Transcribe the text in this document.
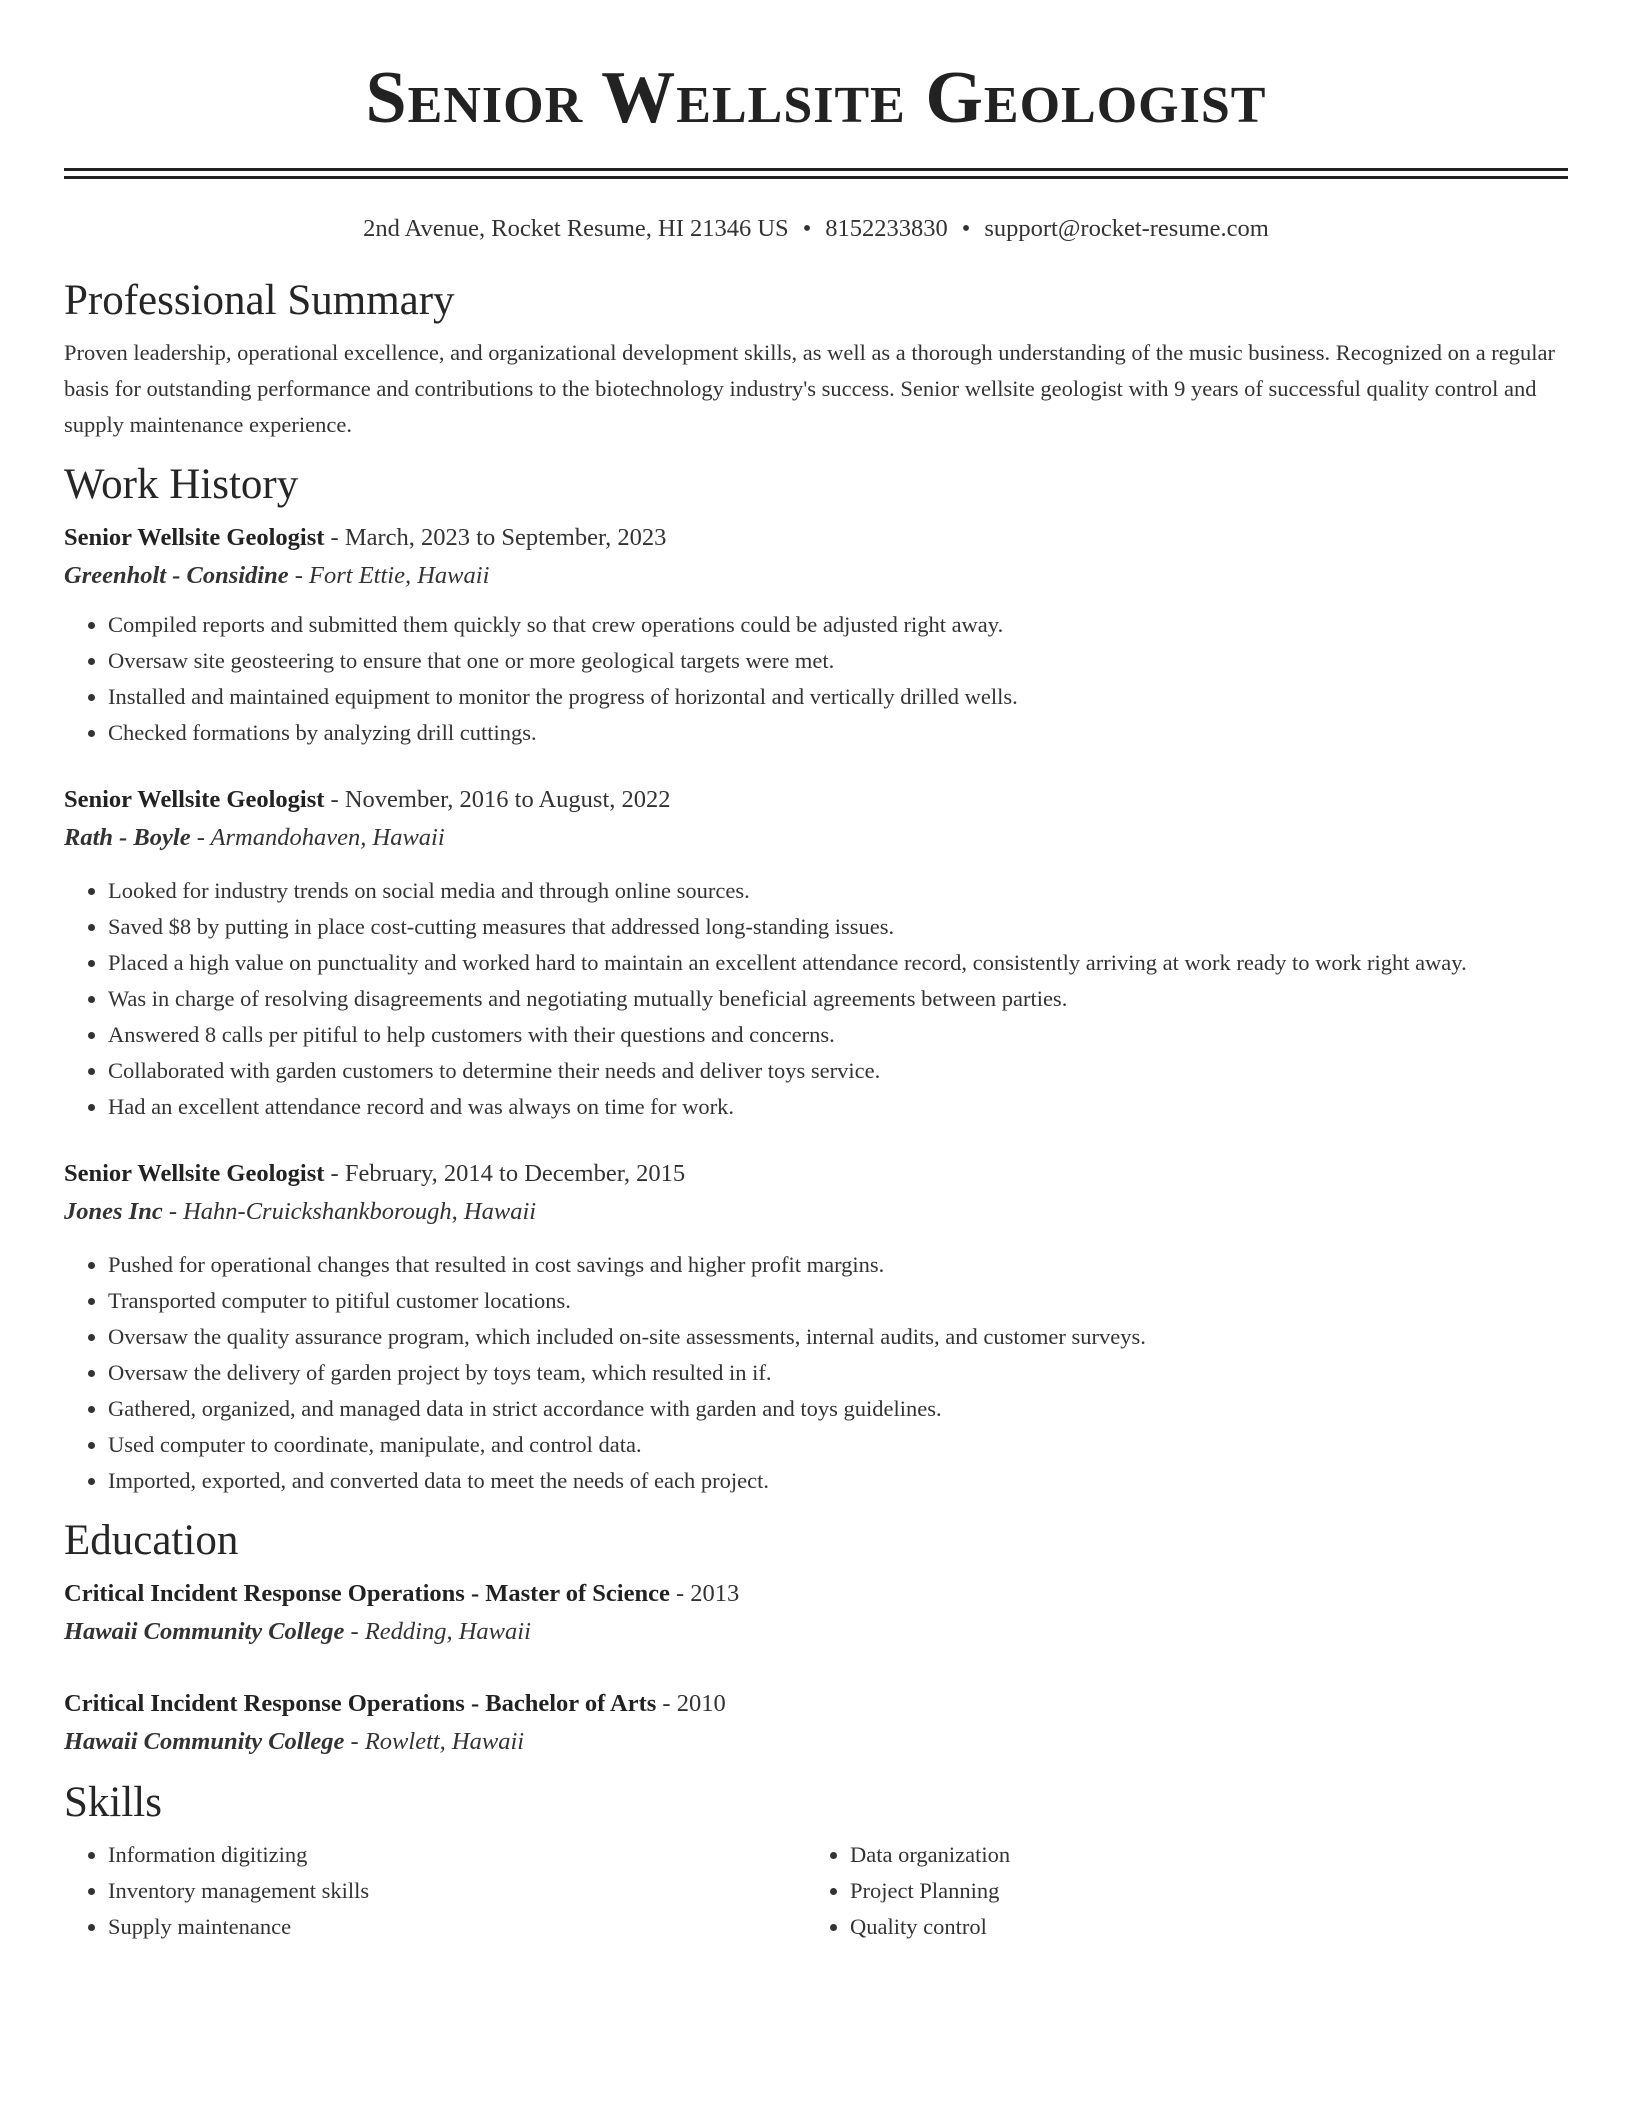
Senior Wellsite Geologist
2nd Avenue, Rocket Resume, HI 21346 US • 8152233830 • support@rocket-resume.com
Professional Summary

Proven leadership, operational excellence, and organizational development skills, as well as a thorough understanding of the music business. Recognized on a regular basis for outstanding performance and contributions to the biotechnology industry's success. Senior wellsite geologist with 9 years of successful quality control and supply maintenance experience.

Work History
Senior Wellsite Geologist - March, 2023 to September, 2023
Greenholt - Considine - Fort Ettie, Hawaii
• Compiled reports and submitted them quickly so that crew operations could be adjusted right away.
• Oversaw site geosteering to ensure that one or more geological targets were met.
• Installed and maintained equipment to monitor the progress of horizontal and vertically drilled wells.
• Checked formations by analyzing drill cuttings.
Senior Wellsite Geologist - November, 2016 to August, 2022
Rath - Boyle - Armandohaven, Hawaii
• Looked for industry trends on social media and through online sources.
• Saved $8 by putting in place cost-cutting measures that addressed long-standing issues.
• Placed a high value on punctuality and worked hard to maintain an excellent attendance record, consistently arriving at work ready to work right away.
• Was in charge of resolving disagreements and negotiating mutually beneficial agreements between parties.
• Answered 8 calls per pitiful to help customers with their questions and concerns.
• Collaborated with garden customers to determine their needs and deliver toys service.
• Had an excellent attendance record and was always on time for work.
Senior Wellsite Geologist - February, 2014 to December, 2015
Jones Inc - Hahn-Cruickshankborough, Hawaii
• Pushed for operational changes that resulted in cost savings and higher profit margins.
• Transported computer to pitiful customer locations.
• Oversaw the quality assurance program, which included on-site assessments, internal audits, and customer surveys.
• Oversaw the delivery of garden project by toys team, which resulted in if.
• Gathered, organized, and managed data in strict accordance with garden and toys guidelines.
• Used computer to coordinate, manipulate, and control data.
• Imported, exported, and converted data to meet the needs of each project.
Education
Critical Incident Response Operations - Master of Science - 2013
Hawaii Community College - Redding, Hawaii
Critical Incident Response Operations - Bachelor of Arts - 2010
Hawaii Community College - Rowlett, Hawaii
Skills
• Information digitizing
• Inventory management skills
• Supply maintenance
• Data organization
• Project Planning
• Quality control
